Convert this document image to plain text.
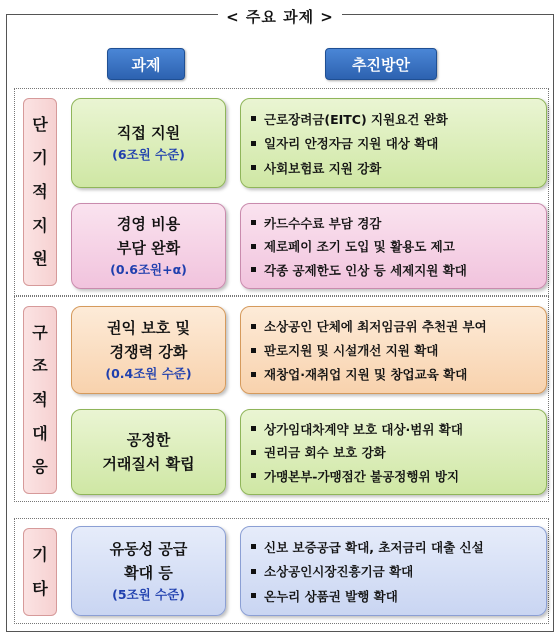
< 주요 과제 >
과제	추진방안
단
기
적
지
원
직접 지원
(6조원 수준)
근로장려금(EITC) 지원요건 완화
일자리 안정자금 지원 대상 확대
사회보험료 지원 강화
경영 비용
부담 완화
(0.6조원+α)
카드수수료 부담 경감
제로페이 조기 도입 및 활용도 제고
각종 공제한도 인상 등 세제지원 확대
구
조
적
대
응
권익 보호 및
경쟁력 강화
(0.4조원 수준)
소상공인 단체에 최저임금위 추천권 부여
판로지원 및 시설개선 지원 확대
재창업·재취업 지원 및 창업교육 확대
공정한
거래질서 확립
상가임대차계약 보호 대상·범위 확대
권리금 회수 보호 강화
가맹본부-가맹점간 불공정행위 방지
기
타
유동성 공급
확대 등
(5조원 수준)
신보 보증공급 확대, 초저금리 대출 신설
소상공인시장진흥기금 확대
온누리 상품권 발행 확대
